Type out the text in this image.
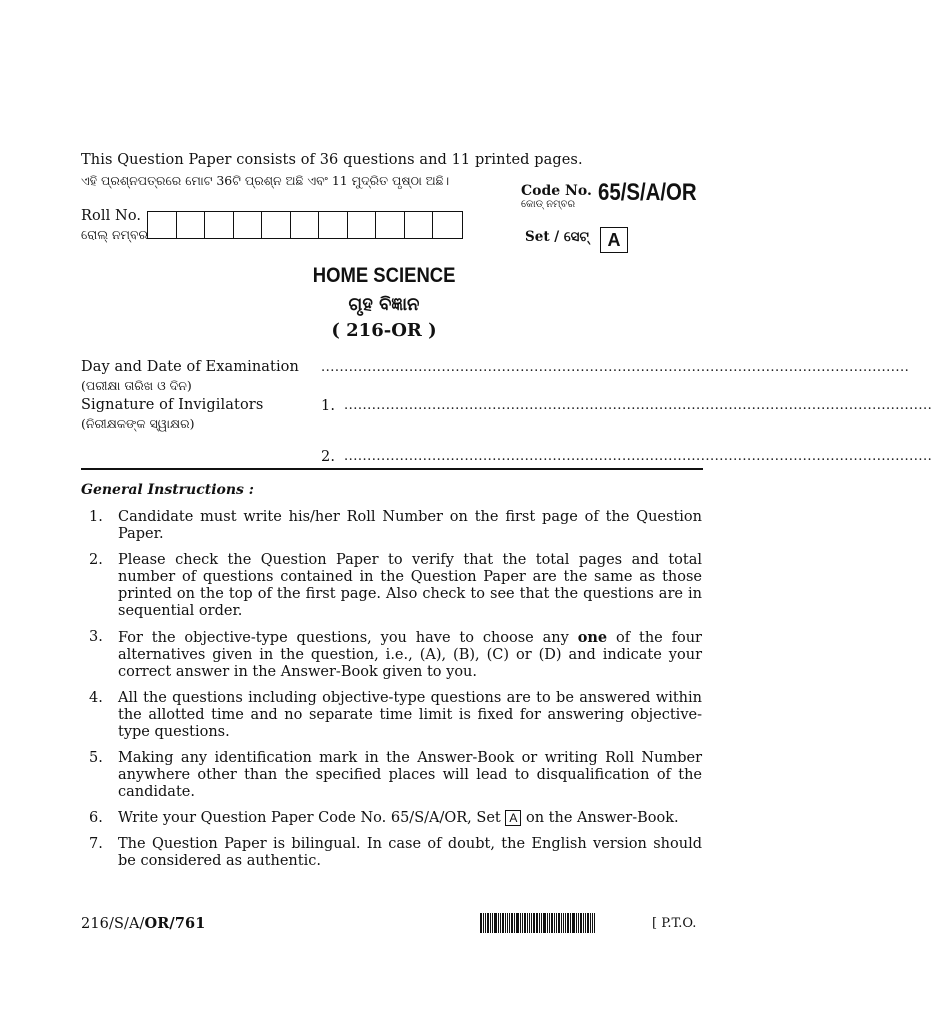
This Question Paper consists of 36 questions and 11 printed pages.
ଏହି ପ୍ରଶ୍ନପତ୍ରରେ ମୋଟ 36ଟି ପ୍ରଶ୍ନ ଅଛି ଏବଂ 11 ମୁଦ୍ରିତ ପୃଷ୍ଠା ଅଛି।
Roll No.
ରୋଲ୍ ନମ୍ବର
Code No.
କୋଡ୍ ନମ୍ବର 65/S/A/OR
Set / ସେଟ୍	A
HOME SCIENCE
ଗୃହ ବିଜ୍ଞାନ
( 216-OR )
Day and Date of Examination
(ପରୀକ୍ଷା ତାରିଖ ଓ ଦିନ)
...............................................................................................................................
Signature of Invigilators
(ନିରୀକ୍ଷକଙ୍କ ସ୍ୱାକ୍ଷର)
1. ...............................................................................................................................
2. ...............................................................................................................................
General Instructions :
1.	Candidate must write his/her Roll Number on the first page of the Question Paper.
2.	Please check the Question Paper to verify that the total pages and total number of questions contained in the Question Paper are the same as those printed on the top of the first page. Also check to see that the questions are in sequential order.
3.	For the objective-type questions, you have to choose any one of the four alternatives given in the question, i.e., (A), (B), (C) or (D) and indicate your correct answer in the Answer-Book given to you.
4.	All the questions including objective-type questions are to be answered within the allotted time and no separate time limit is fixed for answering objective-type questions.
5.	Making any identification mark in the Answer-Book or writing Roll Number anywhere other than the specified places will lead to disqualification of the candidate.
6.	Write your Question Paper Code No. 65/S/A/OR, Set A on the Answer-Book.
7.	The Question Paper is bilingual. In case of doubt, the English version should be considered as authentic.
216/S/A/OR/761	[ P.T.O.
